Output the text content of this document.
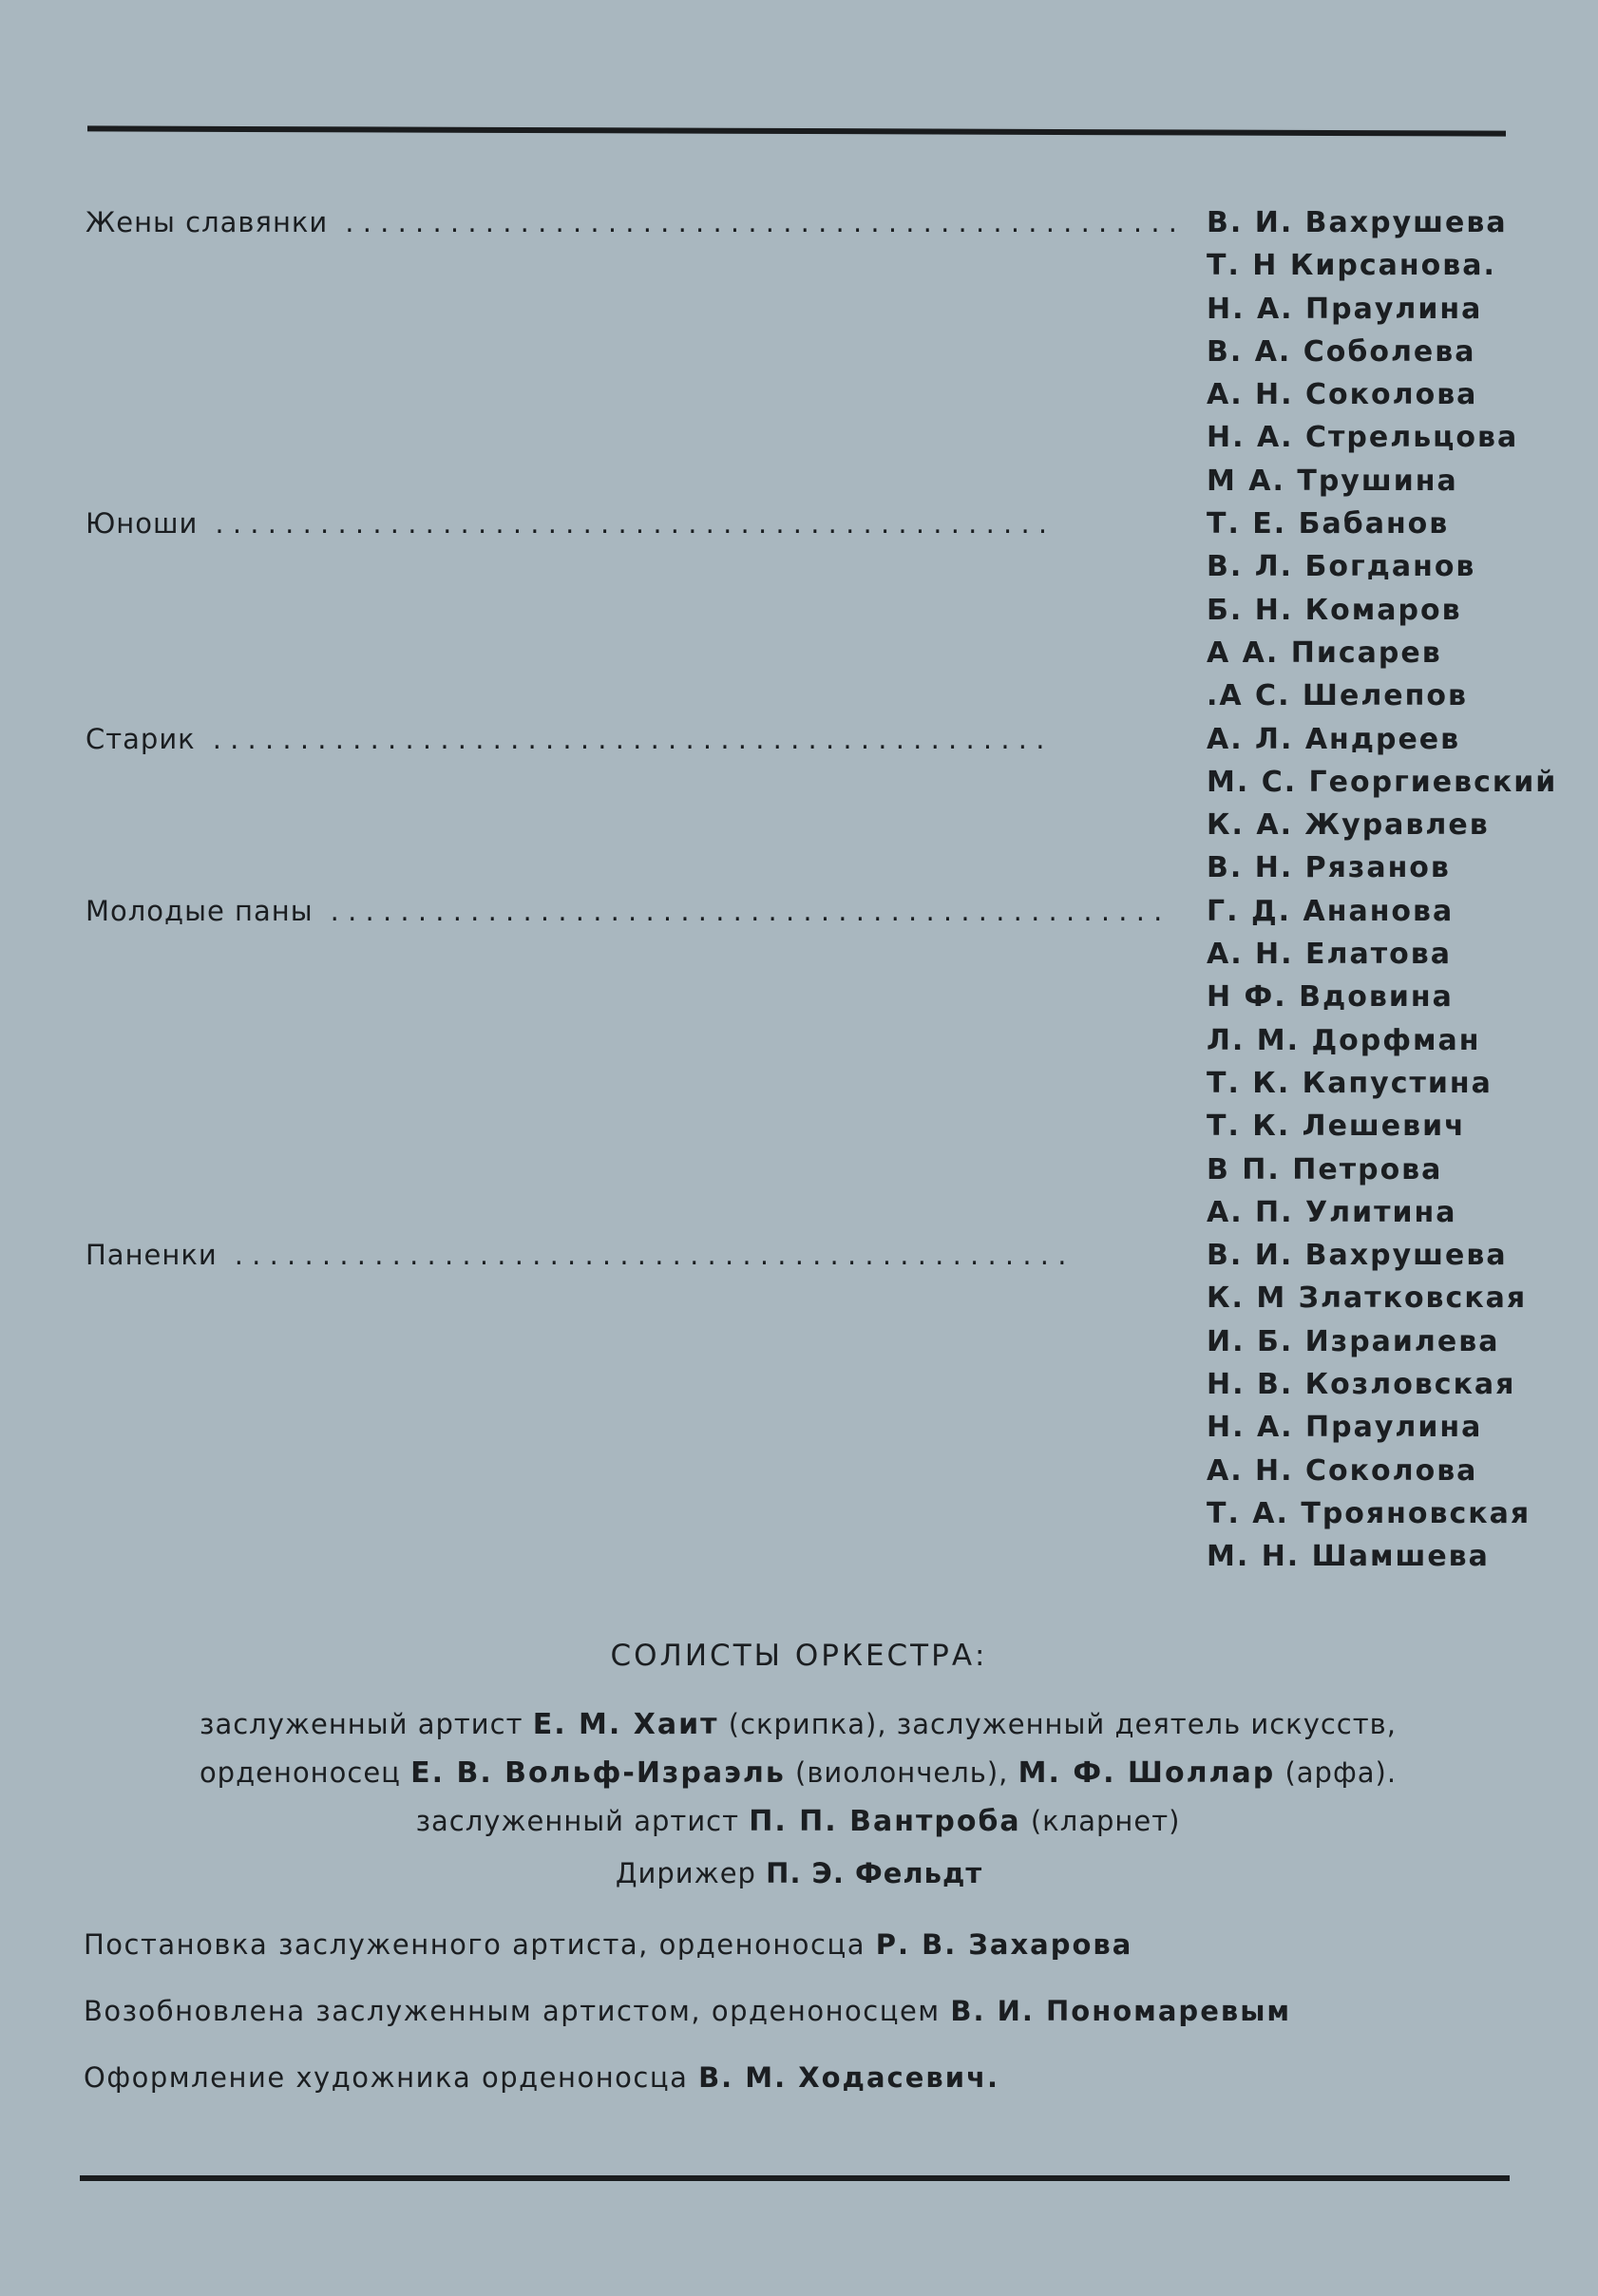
Жены славянки . . . . . . . . . . . . . . . . . . . . . . . . . . . . . . . . . . . . . . . . . . . . . . . .	В. И. Вахрушева
Т. Н Кирсанова.
Н. А. Праулина
В. А. Соболева
А. Н. Соколова
Н. А. Стрельцова
М А. Трушина
Юноши . . . . . . . . . . . . . . . . . . . . . . . . . . . . . . . . . . . . . . . . . . . . . . . .	Т. Е. Бабанов
В. Л. Богданов
Б. Н. Комаров
А А. Писарев
.А С. Шелепов
Старик . . . . . . . . . . . . . . . . . . . . . . . . . . . . . . . . . . . . . . . . . . . . . . . .	А. Л. Андреев
М. С. Георгиевский
К. А. Журавлев
В. Н. Рязанов
Молодые паны . . . . . . . . . . . . . . . . . . . . . . . . . . . . . . . . . . . . . . . . . . . . . . . .	Г. Д. Ананова
А. Н. Елатова
Н Ф. Вдовина
Л. М. Дорфман
Т. К. Капустина
Т. К. Лешевич
В П. Петрова
А. П. Улитина
Паненки . . . . . . . . . . . . . . . . . . . . . . . . . . . . . . . . . . . . . . . . . . . . . . . .	В. И. Вахрушева
К. М Златковская
И. Б. Израилева
Н. В. Козловская
Н. А. Праулина
А. Н. Соколова
Т. А. Трояновская
М. Н. Шамшева
СОЛИСТЫ ОРКЕСТРА:
заслуженный артист Е. М. Хаит (скрипка), заслуженный деятель искусств,
орденоносец Е. В. Вольф-Израэль (виолончель), М. Ф. Шоллар (арфа).
заслуженный артист П. П. Вантроба (кларнет)
Дирижер П. Э. Фельдт
Постановка заслуженного артиста, орденоносца Р. В. Захарова
Возобновлена заслуженным артистом, орденоносцем В. И. Пономаревым
Оформление художника орденоносца В. М. Ходасевич.
